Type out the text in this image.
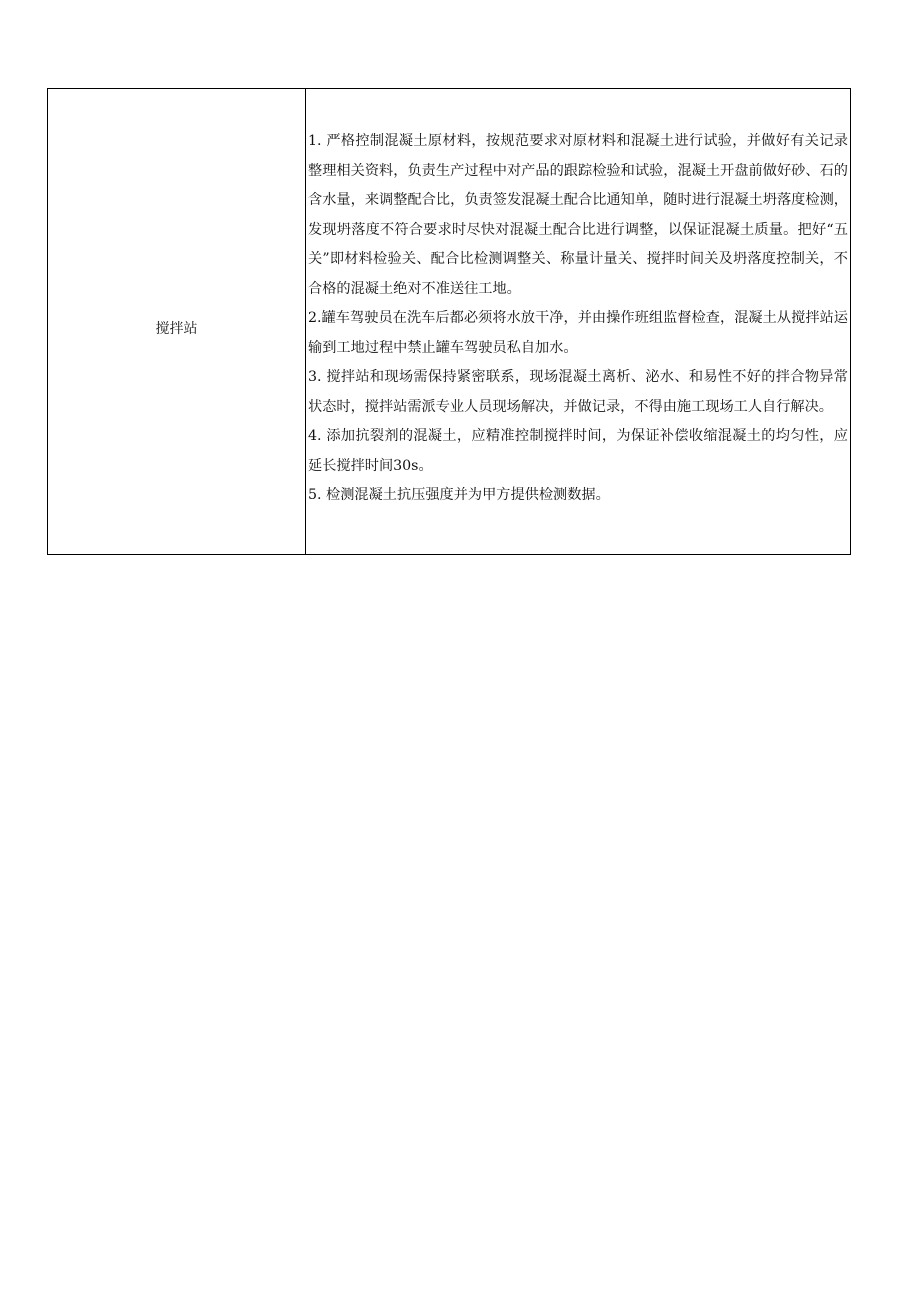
搅拌站

1. 严格控制混凝土原材料，按规范要求对原材料和混凝土进行试验，并做好有关记录整理相关资料，负责生产过程中对产品的跟踪检验和试验，混凝土开盘前做好砂、石的含水量，来调整配合比，负责签发混凝土配合比通知单，随时进行混凝土坍落度检测，发现坍落度不符合要求时尽快对混凝土配合比进行调整，以保证混凝土质量。把好“五关”即材料检验关、配合比检测调整关、称量计量关、搅拌时间关及坍落度控制关，不合格的混凝土绝对不准送往工地。

2.罐车驾驶员在洗车后都必须将水放干净，并由操作班组监督检查，混凝土从搅拌站运输到工地过程中禁止罐车驾驶员私自加水。

3. 搅拌站和现场需保持紧密联系，现场混凝土离析、泌水、和易性不好的拌合物异常状态时，搅拌站需派专业人员现场解决，并做记录，不得由施工现场工人自行解决。

4. 添加抗裂剂的混凝土，应精准控制搅拌时间，为保证补偿收缩混凝土的均匀性，应延长搅拌时间30s。

5. 检测混凝土抗压强度并为甲方提供检测数据。
